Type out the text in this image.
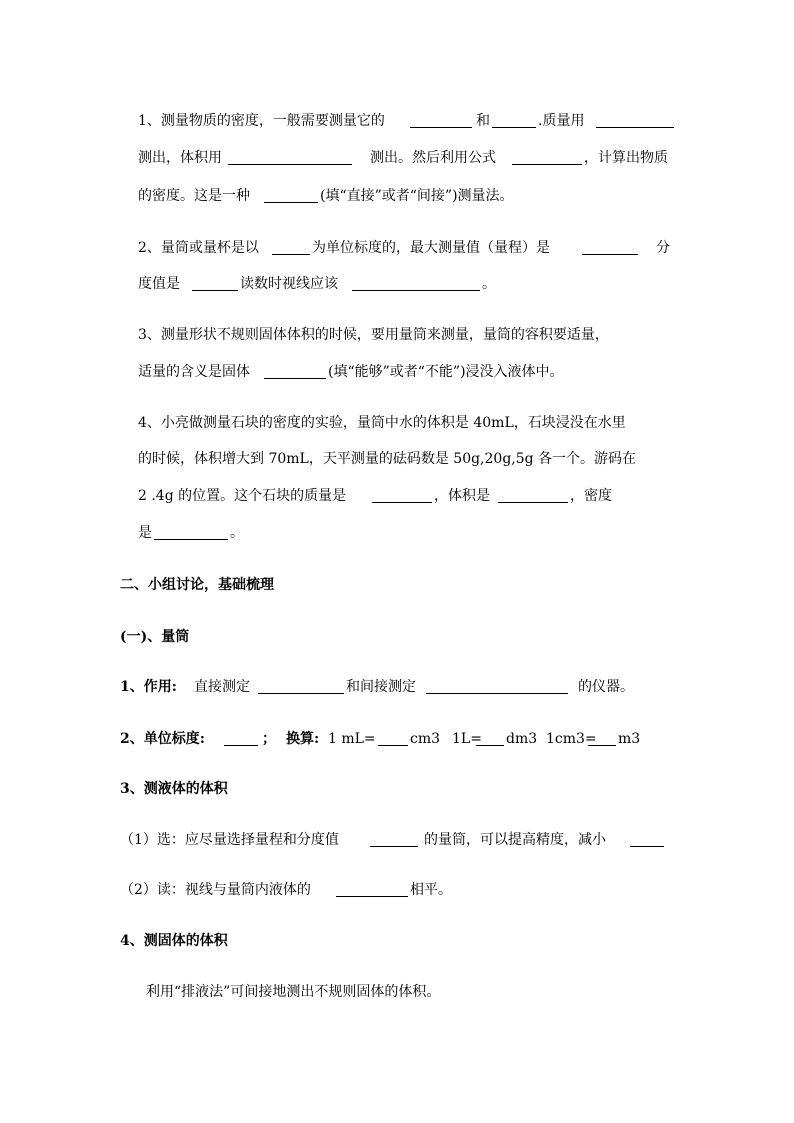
1、测量物质的密度，一般需要测量它的	和	.质量用
测出，体积用	测出。然后利用公式	，计算出物质
的密度。这是一种	(填“直接”或者“间接”)测量法。
2、量筒或量杯是以	为单位标度的，最大测量值（量程）是	分
度值是	读数时视线应该	。
3、测量形状不规则固体体积的时候，要用量筒来测量，量筒的容积要适量，
适量的含义是固体	(填“能够”或者“不能”)浸没入液体中。
4、小亮做测量石块的密度的实验，量筒中水的体积是 40mL，石块浸没在水里
的时候，体积增大到 70mL，天平测量的砝码数是 50g,20g,5g 各一个。游码在
2 .4g 的位置。这个石块的质量是	，体积是	，密度
是	。
二、小组讨论，基础梳理
(一)、量筒
1、作用: 直接测定	和间接测定	的仪器。
2、单位标度:	； 换算: 1 mL= cm3 1L= dm3 1cm3= m3
3、测液体的体积
（1）选：应尽量选择量程和分度值	的量筒，可以提高精度，减小
（2）读：视线与量筒内液体的	相平。
4、测固体的体积
利用“排液法”可间接地测出不规则固体的体积。
